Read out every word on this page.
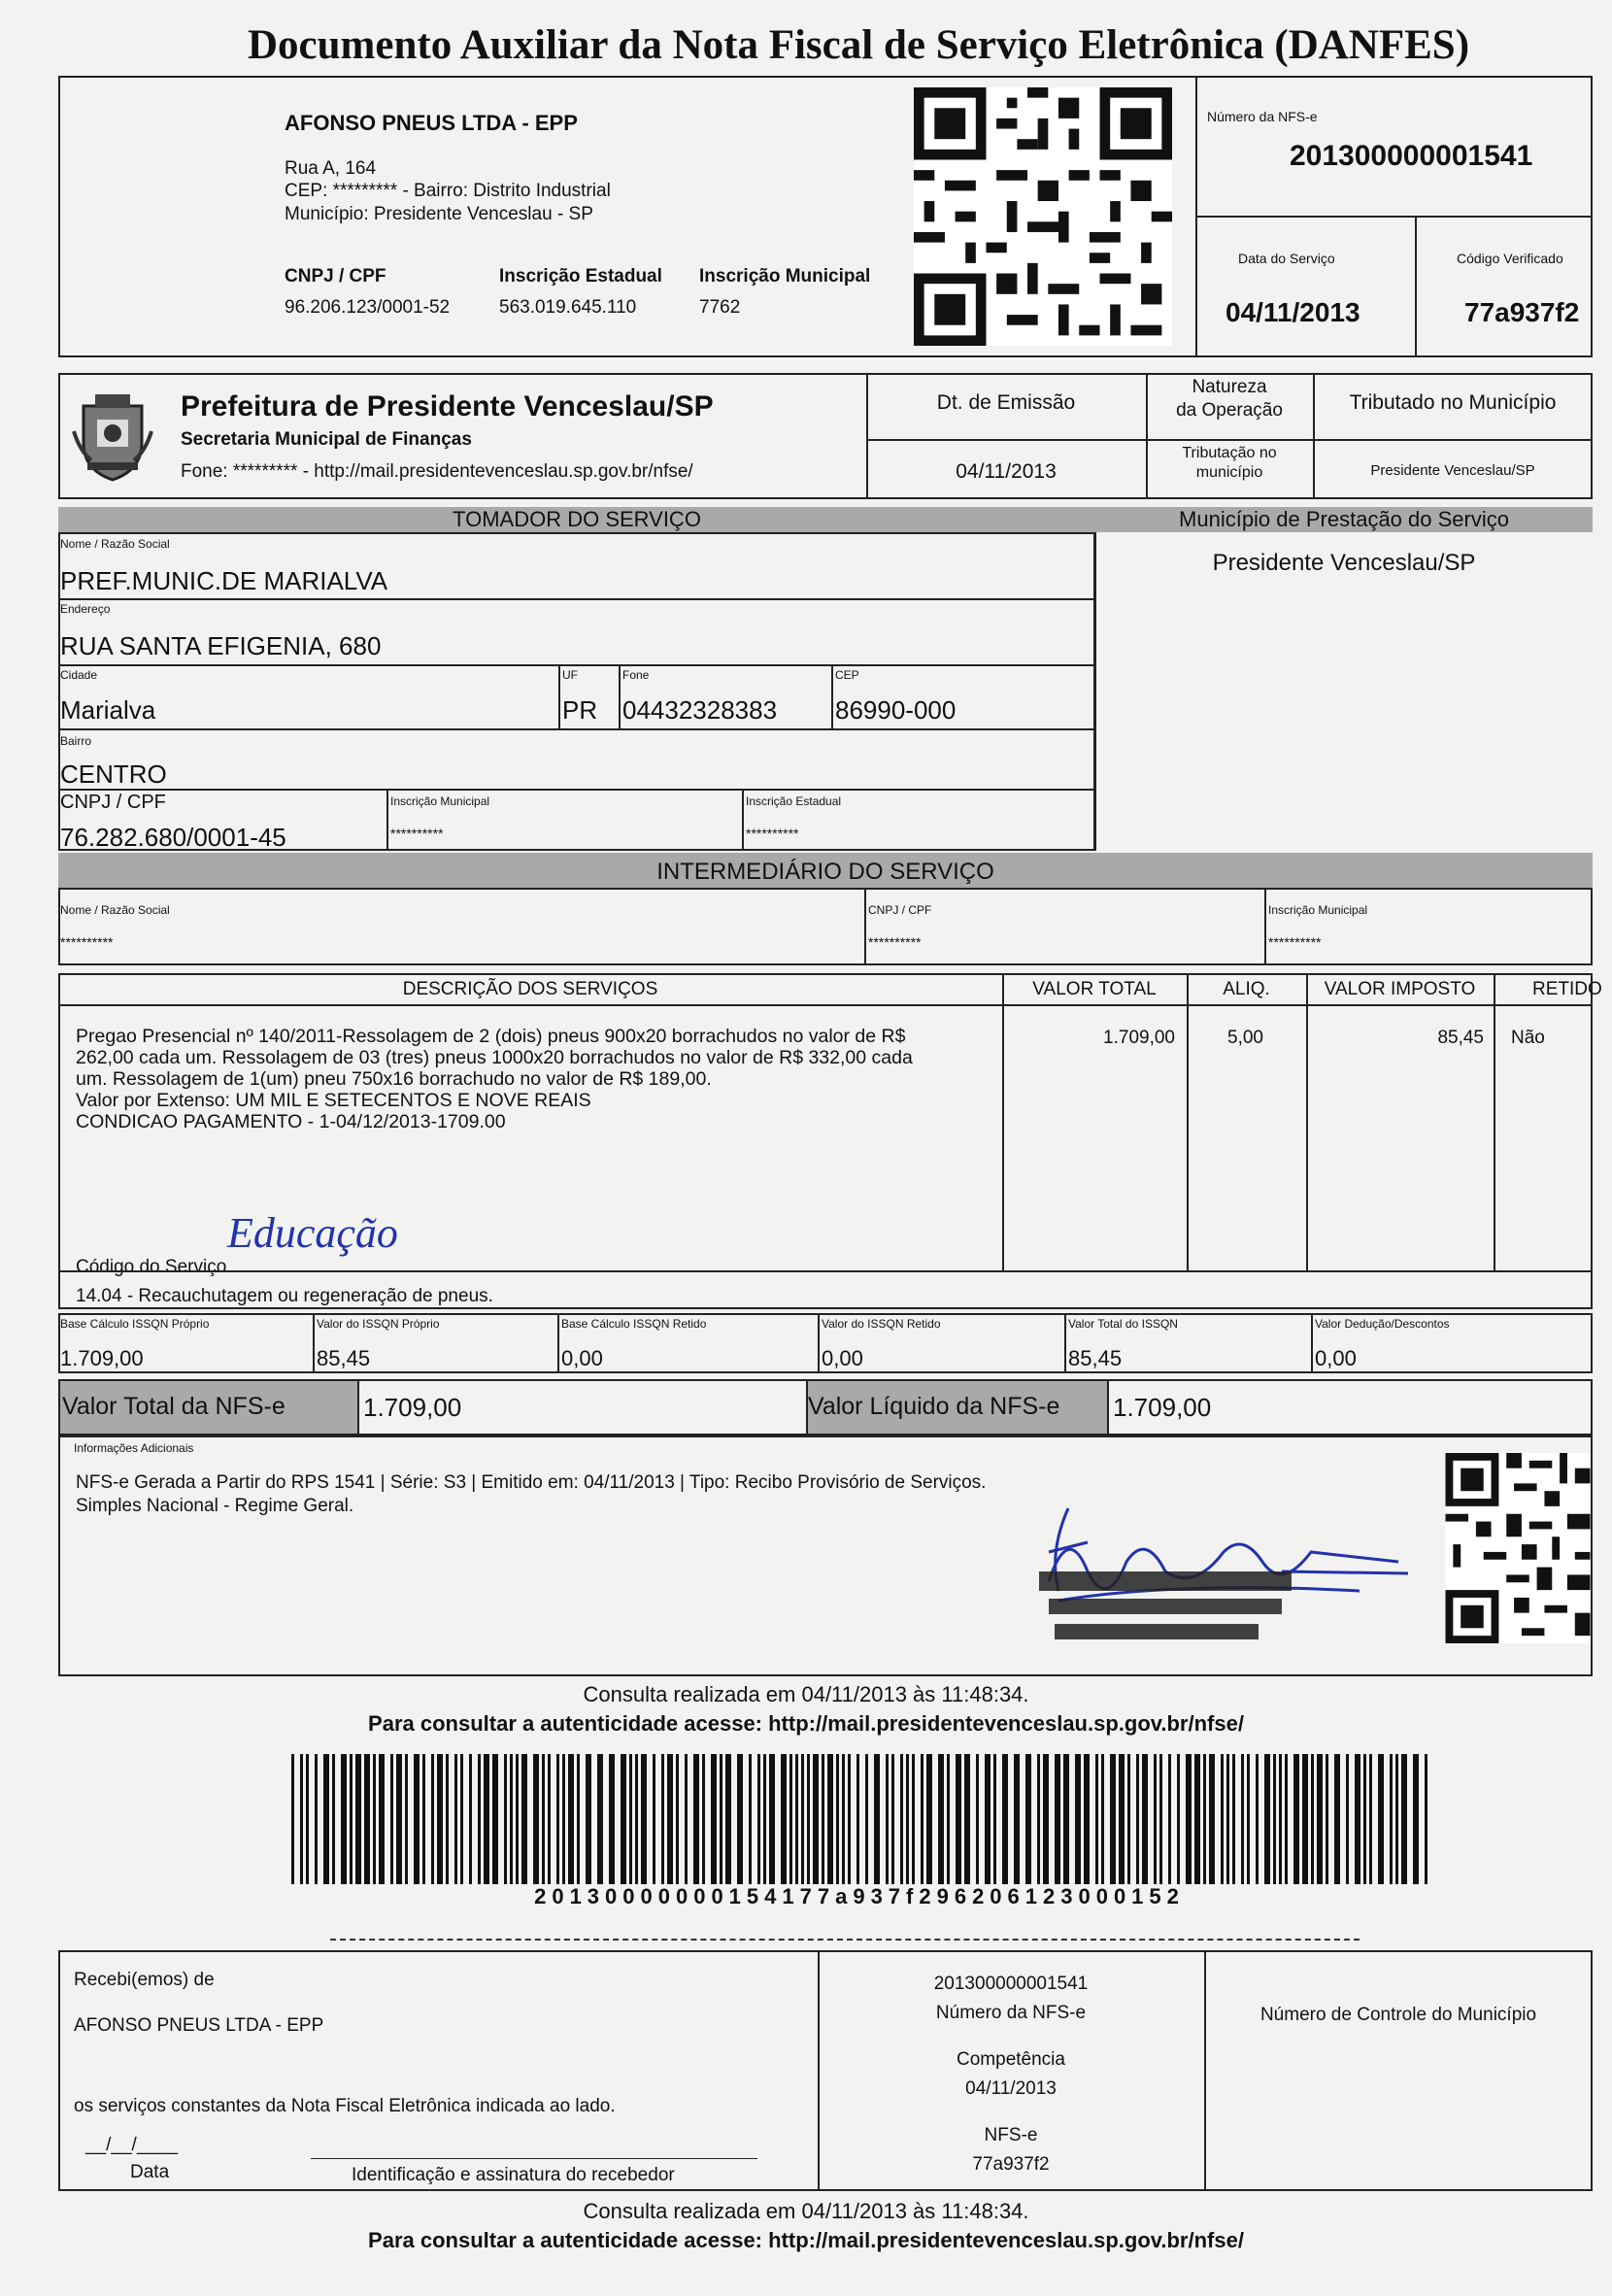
Documento Auxiliar da Nota Fiscal de Serviço Eletrônica (DANFES)
AFONSO PNEUS LTDA - EPP
Rua A, 164
CEP: ********* - Bairro: Distrito Industrial
Município: Presidente Venceslau - SP
CNPJ / CPF
96.206.123/0001-52
Inscrição Estadual
563.019.645.110
Inscrição Municipal
7762
Número da NFS-e
201300000001541
Data do Serviço
04/11/2013
Código Verificado
77a937f2
Prefeitura de Presidente Venceslau/SP
Secretaria Municipal de Finanças
Fone: ********* - http://mail.presidentevenceslau.sp.gov.br/nfse/
Dt. de Emissão
04/11/2013
Natureza
da Operação
Tributação no
município
Tributado no Município
Presidente Venceslau/SP
TOMADOR DO SERVIÇO	Município de Prestação do Serviço
Presidente Venceslau/SP
Nome / Razão Social
PREF.MUNIC.DE MARIALVA
Endereço
RUA SANTA EFIGENIA, 680
Cidade
Marialva
UF
PR
Fone
04432328383
CEP
86990-000
Bairro
CENTRO
CNPJ / CPF
76.282.680/0001-45
Inscrição Municipal
**********
Inscrição Estadual
**********
INTERMEDIÁRIO DO SERVIÇO
Nome / Razão Social
**********
CNPJ / CPF
**********
Inscrição Municipal
**********
DESCRIÇÃO DOS SERVIÇOS	VALOR TOTAL	ALIQ.	VALOR IMPOSTO	RETIDO
Pregao Presencial nº 140/2011-Ressolagem de 2 (dois) pneus 900x20 borrachudos no valor de R$
262,00 cada um. Ressolagem de 03 (tres) pneus 1000x20 borrachudos no valor de R$ 332,00 cada
um. Ressolagem de 1(um) pneu 750x16 borrachudo no valor de R$ 189,00.
Valor por Extenso: UM MIL E SETECENTOS E NOVE REAIS
CONDICAO PAGAMENTO - 1-04/12/2013-1709.00
1.709,00	5,00	85,45 Não
Educação
Código do Serviço
14.04 - Recauchutagem ou regeneração de pneus.
Base Cálculo ISSQN Próprio
1.709,00
Valor do ISSQN Próprio
85,45
Base Cálculo ISSQN Retido
0,00
Valor do ISSQN Retido
0,00
Valor Total do ISSQN
85,45
Valor Dedução/Descontos
0,00
Valor Total da NFS-e	1.709,00	Valor Líquido da NFS-e 1.709,00
Informações Adicionais
NFS-e Gerada a Partir do RPS 1541 | Série: S3 | Emitido em: 04/11/2013 | Tipo: Recibo Provisório de Serviços.
Simples Nacional - Regime Geral.
Consulta realizada em 04/11/2013 às 11:48:34.
Para consultar a autenticidade acesse: http://mail.presidentevenceslau.sp.gov.br/nfse/
20130000000154177a937f296206123000152
Recebi(emos) de
AFONSO PNEUS LTDA - EPP
os serviços constantes da Nota Fiscal Eletrônica indicada ao lado.
__/__/____
Data	Identificação e assinatura do recebedor
201300000001541
Número da NFS-e
Competência
04/11/2013
NFS-e
77a937f2
Número de Controle do Município
Consulta realizada em 04/11/2013 às 11:48:34.
Para consultar a autenticidade acesse: http://mail.presidentevenceslau.sp.gov.br/nfse/
